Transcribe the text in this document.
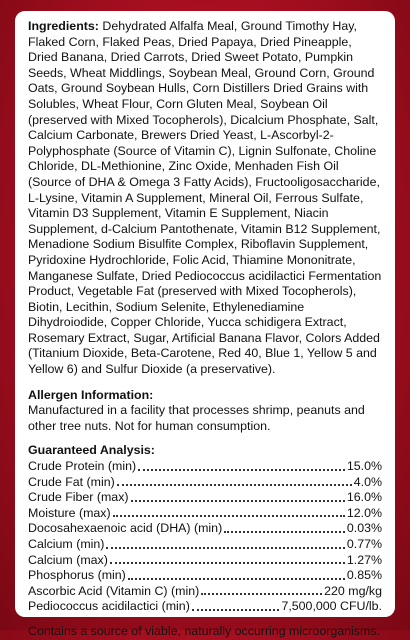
Ingredients: Dehydrated Alfalfa Meal, Ground Timothy Hay, Flaked Corn, Flaked Peas, Dried Papaya, Dried Pineapple, Dried Banana, Dried Carrots, Dried Sweet Potato, Pumpkin Seeds, Wheat Middlings, Soybean Meal, Ground Corn, Ground Oats, Ground Soybean Hulls, Corn Distillers Dried Grains with Solubles, Wheat Flour, Corn Gluten Meal, Soybean Oil (preserved with Mixed Tocopherols), Dicalcium Phosphate, Salt, Calcium Carbonate, Brewers Dried Yeast, L-Ascorbyl-2-Polyphosphate (Source of Vitamin C), Lignin Sulfonate, Choline Chloride, DL-Methionine, Zinc Oxide, Menhaden Fish Oil (Source of DHA & Omega 3 Fatty Acids), Fructooligosaccharide, L-Lysine, Vitamin A Supplement, Mineral Oil, Ferrous Sulfate, Vitamin D3 Supplement, Vitamin E Supplement, Niacin Supplement, d-Calcium Pantothenate, Vitamin B12 Supplement, Menadione Sodium Bisulfite Complex, Riboflavin Supplement, Pyridoxine Hydrochloride, Folic Acid, Thiamine Mononitrate, Manganese Sulfate, Dried Pediococcus acidilactici Fermentation Product, Vegetable Fat (preserved with Mixed Tocopherols), Biotin, Lecithin, Sodium Selenite, Ethylenediamine Dihydroiodide, Copper Chloride, Yucca schidigera Extract, Rosemary Extract, Sugar, Artificial Banana Flavor, Colors Added (Titanium Dioxide, Beta-Carotene, Red 40, Blue 1, Yellow 5 and Yellow 6) and Sulfur Dioxide (a preservative).

Allergen Information:

Manufactured in a facility that processes shrimp, peanuts and other tree nuts. Not for human consumption.

Guaranteed Analysis:
Crude Protein (min)	15.0%
Crude Fat (min)	4.0%
Crude Fiber (max)	16.0%
Moisture (max)	12.0%
Docosahexaenoic acid (DHA) (min)	0.03%
Calcium (min)	0.77%
Calcium (max)	1.27%
Phosphorus (min)	0.85%
Ascorbic Acid (Vitamin C) (min)	220 mg/kg
Pediococcus acidilactici (min)	7,500,000 CFU/lb.

Contains a source of viable, naturally occurring microorganisms.
